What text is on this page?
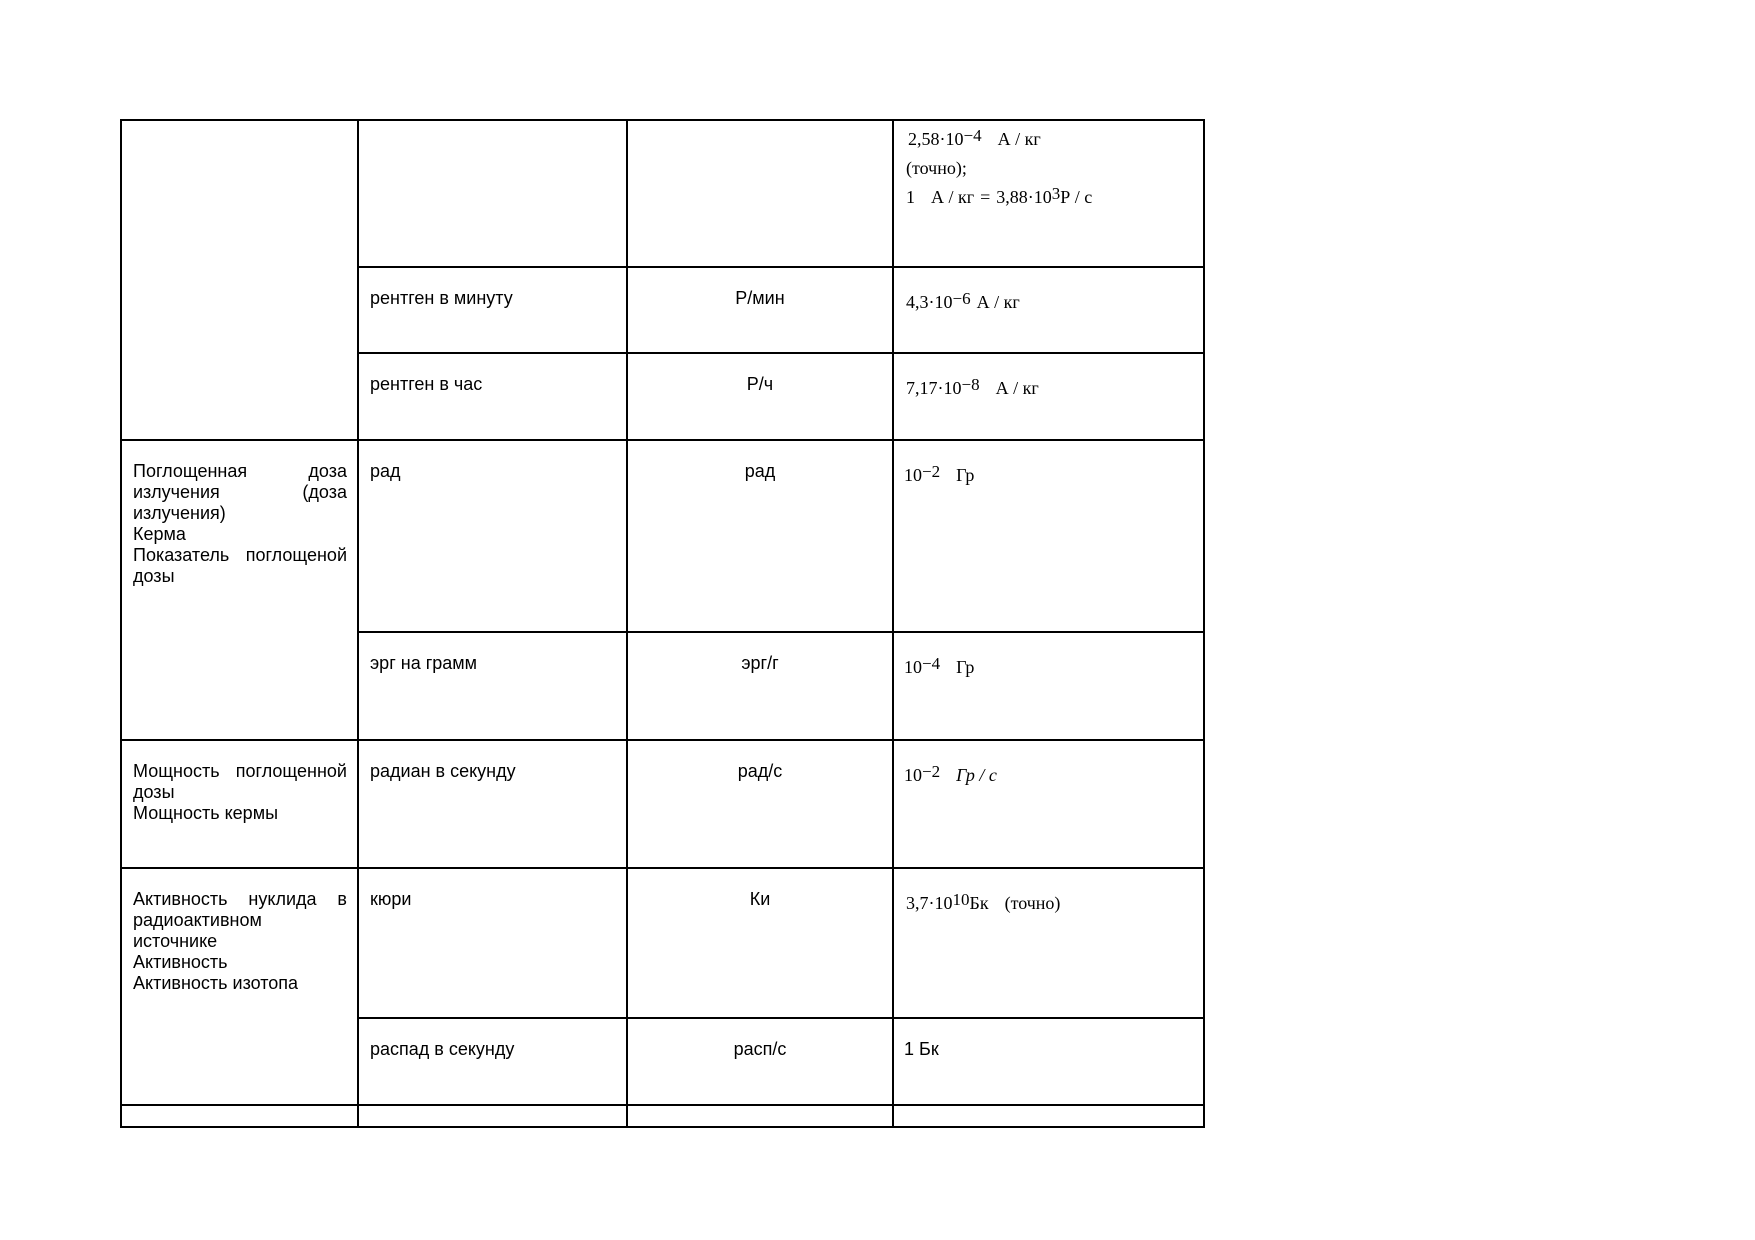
			$2,58\cdot 10^{-4}$ А / кг
(точно);
1 А / кг = $3,88\cdot 10^3Р / с$

	рентген в минуту	Р/мин	$4,3\cdot 10^{-6}$ А / кг
	рентген в час	Р/ч	$7,17\cdot 10^{-8}$ А / кг

Поглощенная доза излучения (доза излучения)
Керма
Показатель поглощеной дозы	рад	рад	$10^{-2}$ Гр
	эрг на грамм	эрг/г	$10^{-4}$ Гр

Мощность поглощенной дозы
Мощность кермы	радиан в секунду	рад/с	$10^{-2}$ Гр / с

Активность нуклида в радиоактивном источнике
Активность
Активность изотопа	кюри	Ки	$3,7\cdot 10^{10}Бк$ (точно)
	распад в секунду	расп/с	1 Бк
